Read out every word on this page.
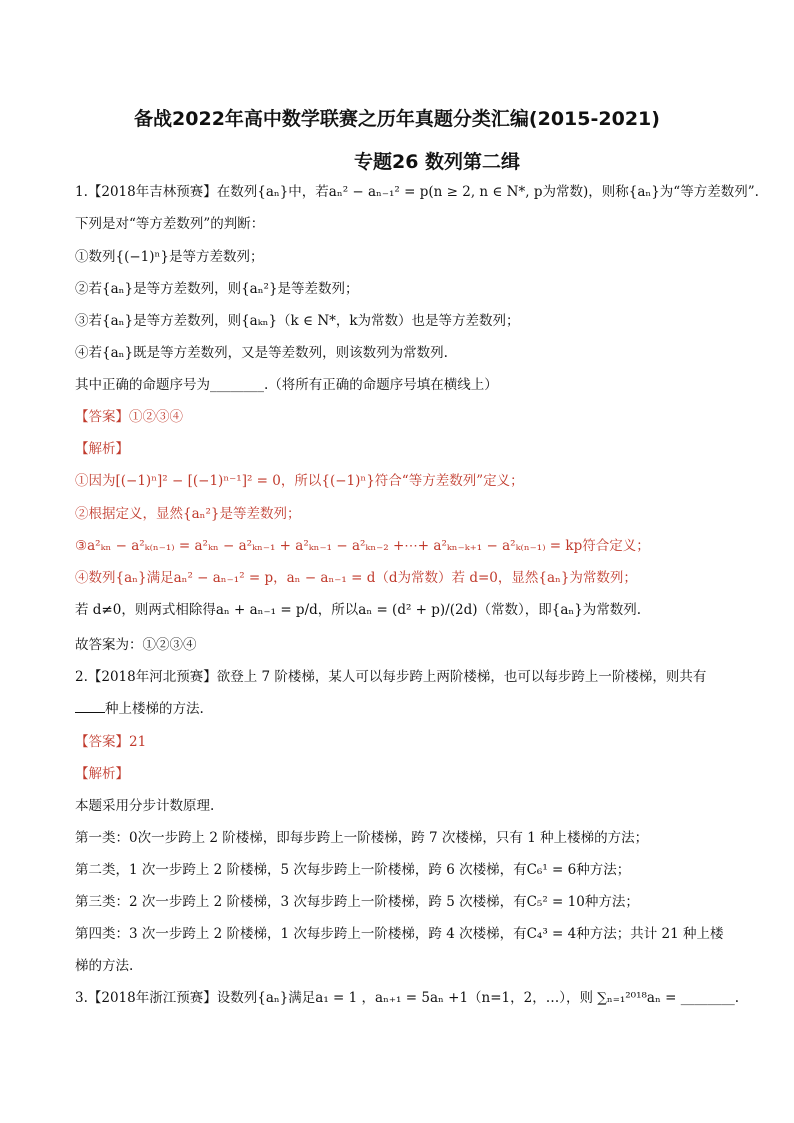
备战2022年高中数学联赛之历年真题分类汇编(2015-2021)
专题26 数列第二缉
1.【2018年吉林预赛】在数列{aₙ}中，若aₙ² − aₙ₋₁² = p(n ≥ 2, n ∈ N*, p为常数)，则称{aₙ}为“等方差数列”.
下列是对“等方差数列”的判断：
①数列{(−1)ⁿ}是等方差数列；
②若{aₙ}是等方差数列，则{aₙ²}是等差数列；
③若{aₙ}是等方差数列，则{aₖₙ}（k ∈ N*，k为常数）也是等方差数列；
④若{aₙ}既是等方差数列，又是等差数列，则该数列为常数列.
其中正确的命题序号为________.（将所有正确的命题序号填在横线上）
【答案】①②③④
【解析】
①因为[(−1)ⁿ]² − [(−1)ⁿ⁻¹]² = 0，所以{(−1)ⁿ}符合“等方差数列”定义；
②根据定义，显然{aₙ²}是等差数列；
③a²ₖₙ − a²ₖ₍ₙ₋₁₎ = a²ₖₙ − a²ₖₙ₋₁ + a²ₖₙ₋₁ − a²ₖₙ₋₂ +⋯+ a²ₖₙ₋ₖ₊₁ − a²ₖ₍ₙ₋₁₎ = kp符合定义；
④数列{aₙ}满足aₙ² − aₙ₋₁² = p，aₙ − aₙ₋₁ = d（d为常数）若 d=0，显然{aₙ}为常数列；
若 d≠0，则两式相除得aₙ + aₙ₋₁ = p/d，所以aₙ = (d² + p)/(2d)（常数），即{aₙ}为常数列.
故答案为：①②③④
2.【2018年河北预赛】欲登上 7 阶楼梯，某人可以每步跨上两阶楼梯，也可以每步跨上一阶楼梯，则共有
种上楼梯的方法.
【答案】21
【解析】
本题采用分步计数原理.
第一类：0次一步跨上 2 阶楼梯，即每步跨上一阶楼梯，跨 7 次楼梯，只有 1 种上楼梯的方法；
第二类，1 次一步跨上 2 阶楼梯，5 次每步跨上一阶楼梯，跨 6 次楼梯，有C₆¹ = 6种方法；
第三类：2 次一步跨上 2 阶楼梯，3 次每步跨上一阶楼梯，跨 5 次楼梯，有C₅² = 10种方法；
第四类：3 次一步跨上 2 阶楼梯，1 次每步跨上一阶楼梯，跨 4 次楼梯，有C₄³ = 4种方法；共计 21 种上楼
梯的方法.
3.【2018年浙江预赛】设数列{aₙ}满足a₁ = 1 ，aₙ₊₁ = 5aₙ +1（n=1，2，…），则 ∑ₙ₌₁²⁰¹⁸aₙ = ________.
